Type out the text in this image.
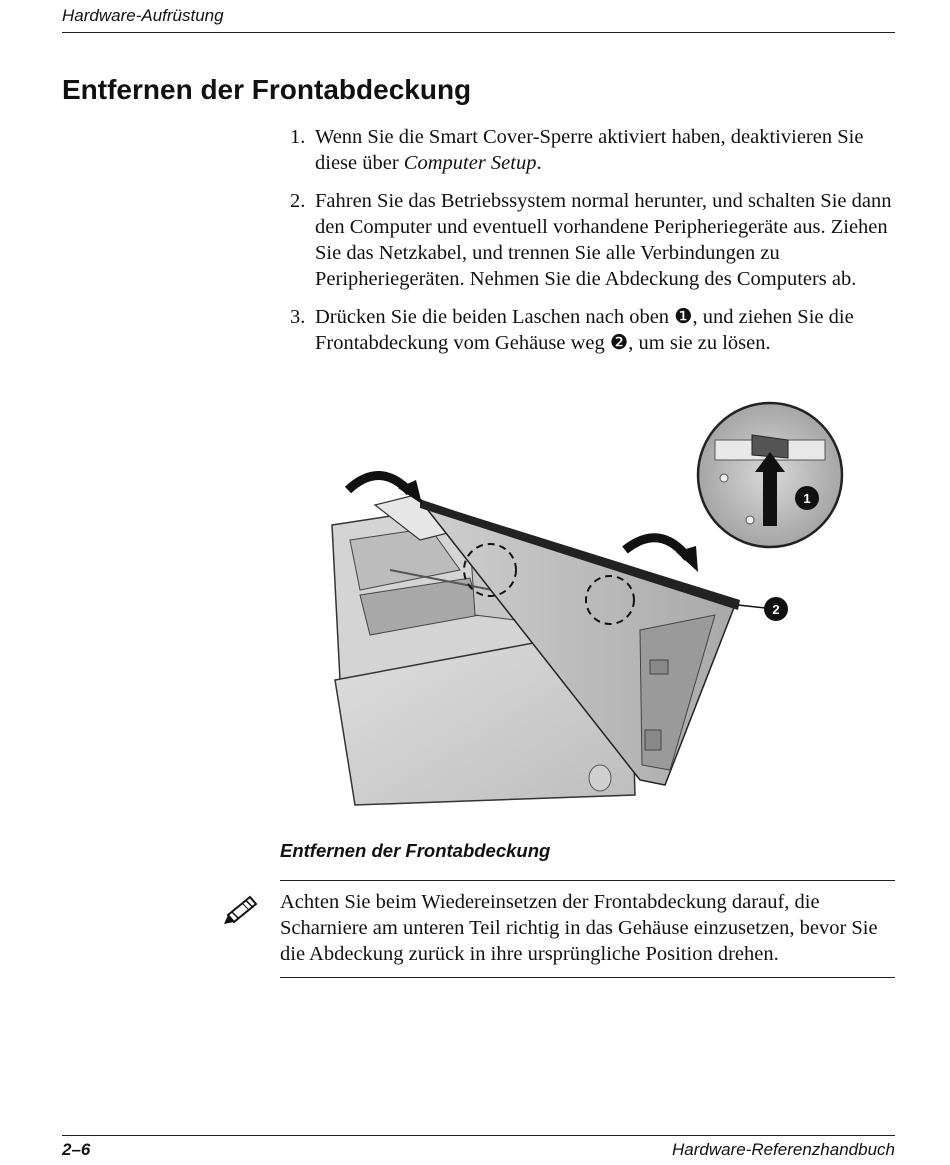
Hardware-Aufrüstung
Entfernen der Frontabdeckung
1. Wenn Sie die Smart Cover-Sperre aktiviert haben, deaktivieren Sie diese über Computer Setup.
2. Fahren Sie das Betriebssystem normal herunter, und schalten Sie dann den Computer und eventuell vorhandene Peripheriegeräte aus. Ziehen Sie das Netzkabel, und trennen Sie alle Verbindungen zu Peripheriegeräten. Nehmen Sie die Abdeckung des Computers ab.
3. Drücken Sie die beiden Laschen nach oben ❶, und ziehen Sie die Frontabdeckung vom Gehäuse weg ❷, um sie zu lösen.
1
2
Entfernen der Frontabdeckung
Achten Sie beim Wiedereinsetzen der Frontabdeckung darauf, die Scharniere am unteren Teil richtig in das Gehäuse einzusetzen, bevor Sie die Abdeckung zurück in ihre ursprüngliche Position drehen.
2–6	Hardware-Referenzhandbuch
